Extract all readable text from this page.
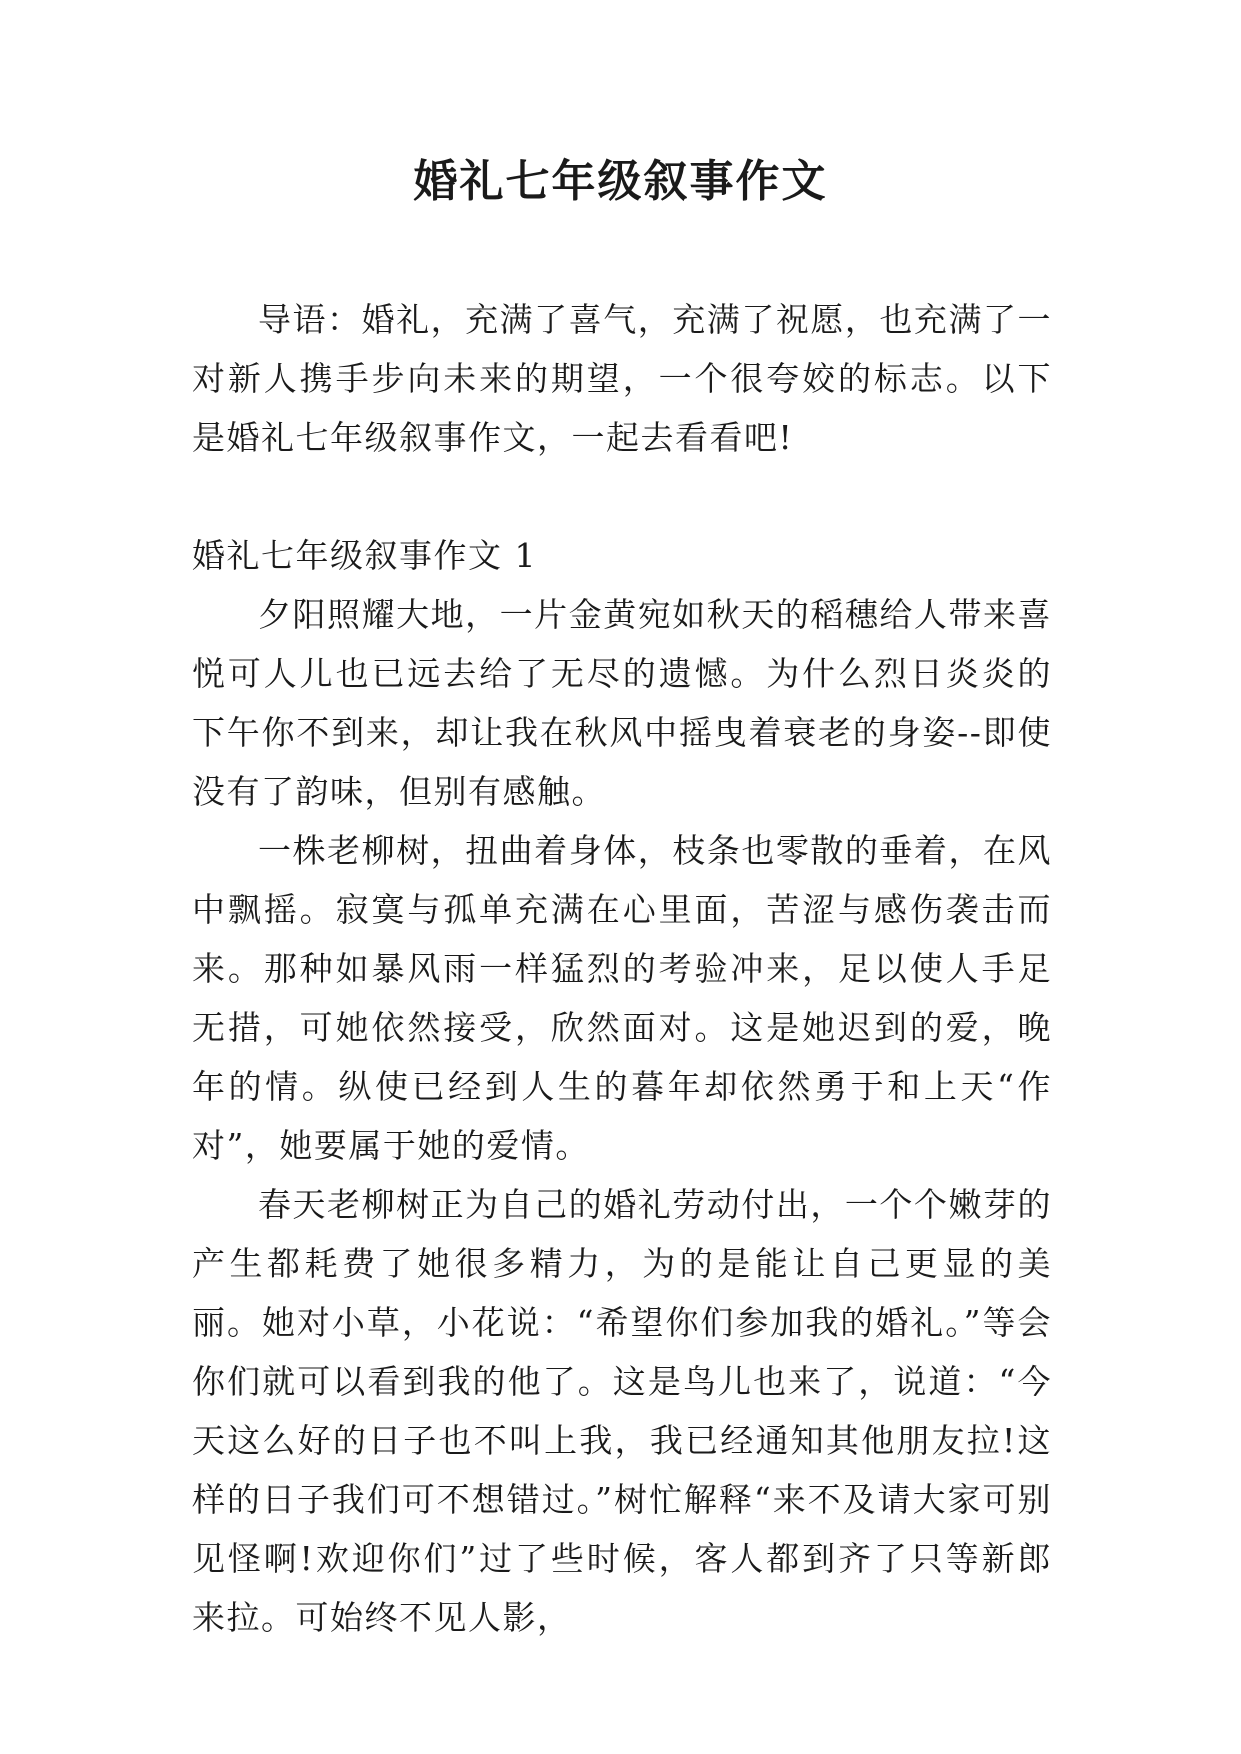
婚礼七年级叙事作文

导语：婚礼，充满了喜气，充满了祝愿，也充满了一对新人携手步向未来的期望，一个很夸姣的标志。以下是婚礼七年级叙事作文，一起去看看吧!

婚礼七年级叙事作文 1

夕阳照耀大地，一片金黄宛如秋天的稻穗给人带来喜悦可人儿也已远去给了无尽的遗憾。为什么烈日炎炎的下午你不到来，却让我在秋风中摇曳着衰老的身姿--即使没有了韵味，但别有感触。

一株老柳树，扭曲着身体，枝条也零散的垂着，在风中飘摇。寂寞与孤单充满在心里面，苦涩与感伤袭击而来。那种如暴风雨一样猛烈的考验冲来，足以使人手足无措，可她依然接受，欣然面对。这是她迟到的爱，晚年的情。纵使已经到人生的暮年却依然勇于和上天“作对”，她要属于她的爱情。

春天老柳树正为自己的婚礼劳动付出，一个个嫩芽的产生都耗费了她很多精力，为的是能让自己更显的美丽。她对小草，小花说：“希望你们参加我的婚礼。”等会你们就可以看到我的他了。这是鸟儿也来了，说道：“今天这么好的日子也不叫上我，我已经通知其他朋友拉!这样的日子我们可不想错过。”树忙解释“来不及请大家可别见怪啊!欢迎你们”过了些时候，客人都到齐了只等新郎来拉。可始终不见人影，
